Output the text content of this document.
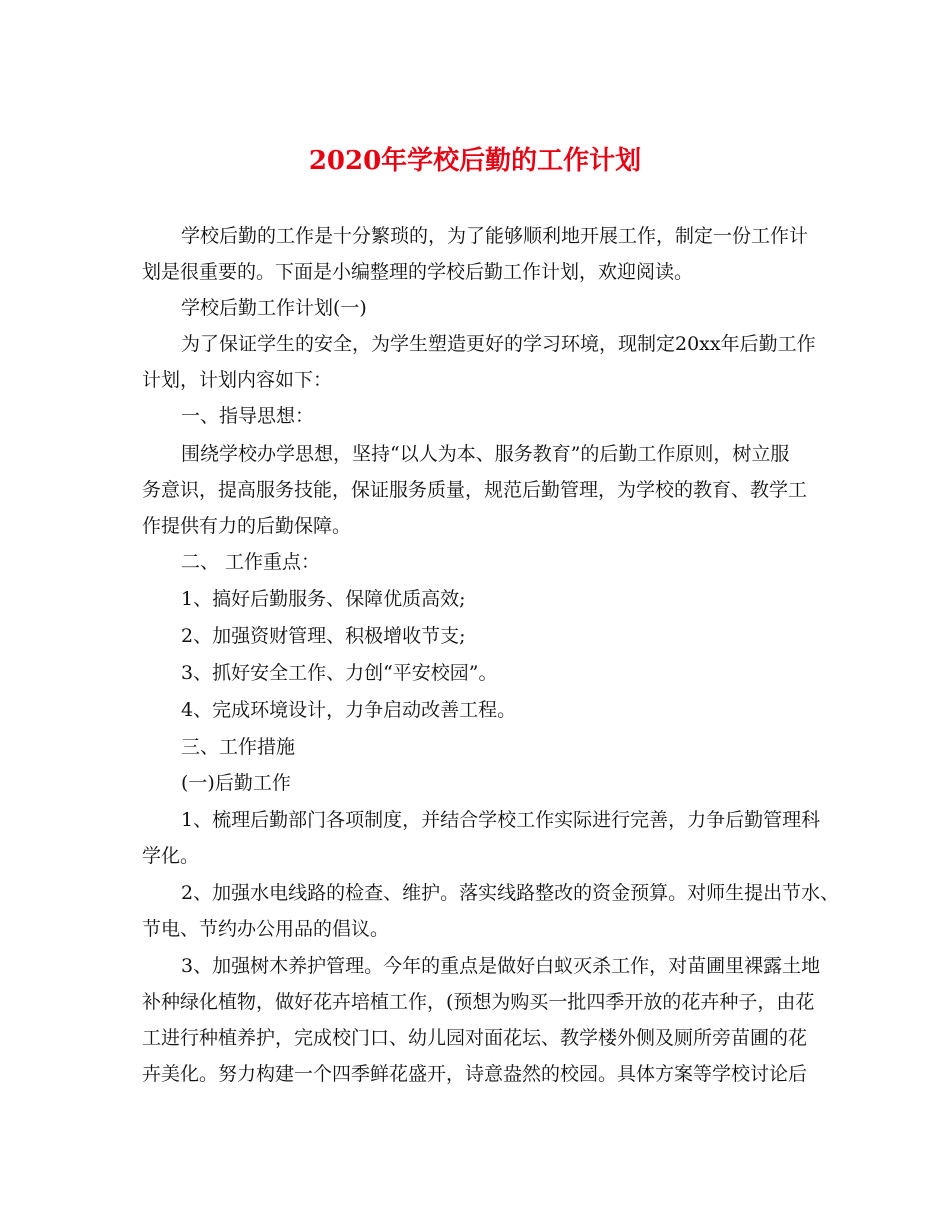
2020年学校后勤的工作计划
学校后勤的工作是十分繁琐的，为了能够顺利地开展工作，制定一份工作计
划是很重要的。下面是小编整理的学校后勤工作计划，欢迎阅读。
学校后勤工作计划(一)
为了保证学生的安全，为学生塑造更好的学习环境，现制定20xx年后勤工作
计划，计划内容如下：
一、指导思想：
围绕学校办学思想，坚持“以人为本、服务教育”的后勤工作原则，树立服
务意识，提高服务技能，保证服务质量，规范后勤管理，为学校的教育、教学工
作提供有力的后勤保障。
二、 工作重点：
1、搞好后勤服务、保障优质高效;
2、加强资财管理、积极增收节支;
3、抓好安全工作、力创“平安校园”。
4、完成环境设计，力争启动改善工程。
三、工作措施
(一)后勤工作
1、梳理后勤部门各项制度，并结合学校工作实际进行完善，力争后勤管理科
学化。
2、加强水电线路的检查、维护。落实线路整改的资金预算。对师生提出节水、
节电、节约办公用品的倡议。
3、加强树木养护管理。今年的重点是做好白蚁灭杀工作，对苗圃里裸露土地
补种绿化植物，做好花卉培植工作，(预想为购买一批四季开放的花卉种子，由花
工进行种植养护，完成校门口、幼儿园对面花坛、教学楼外侧及厕所旁苗圃的花
卉美化。努力构建一个四季鲜花盛开，诗意盎然的校园。具体方案等学校讨论后
